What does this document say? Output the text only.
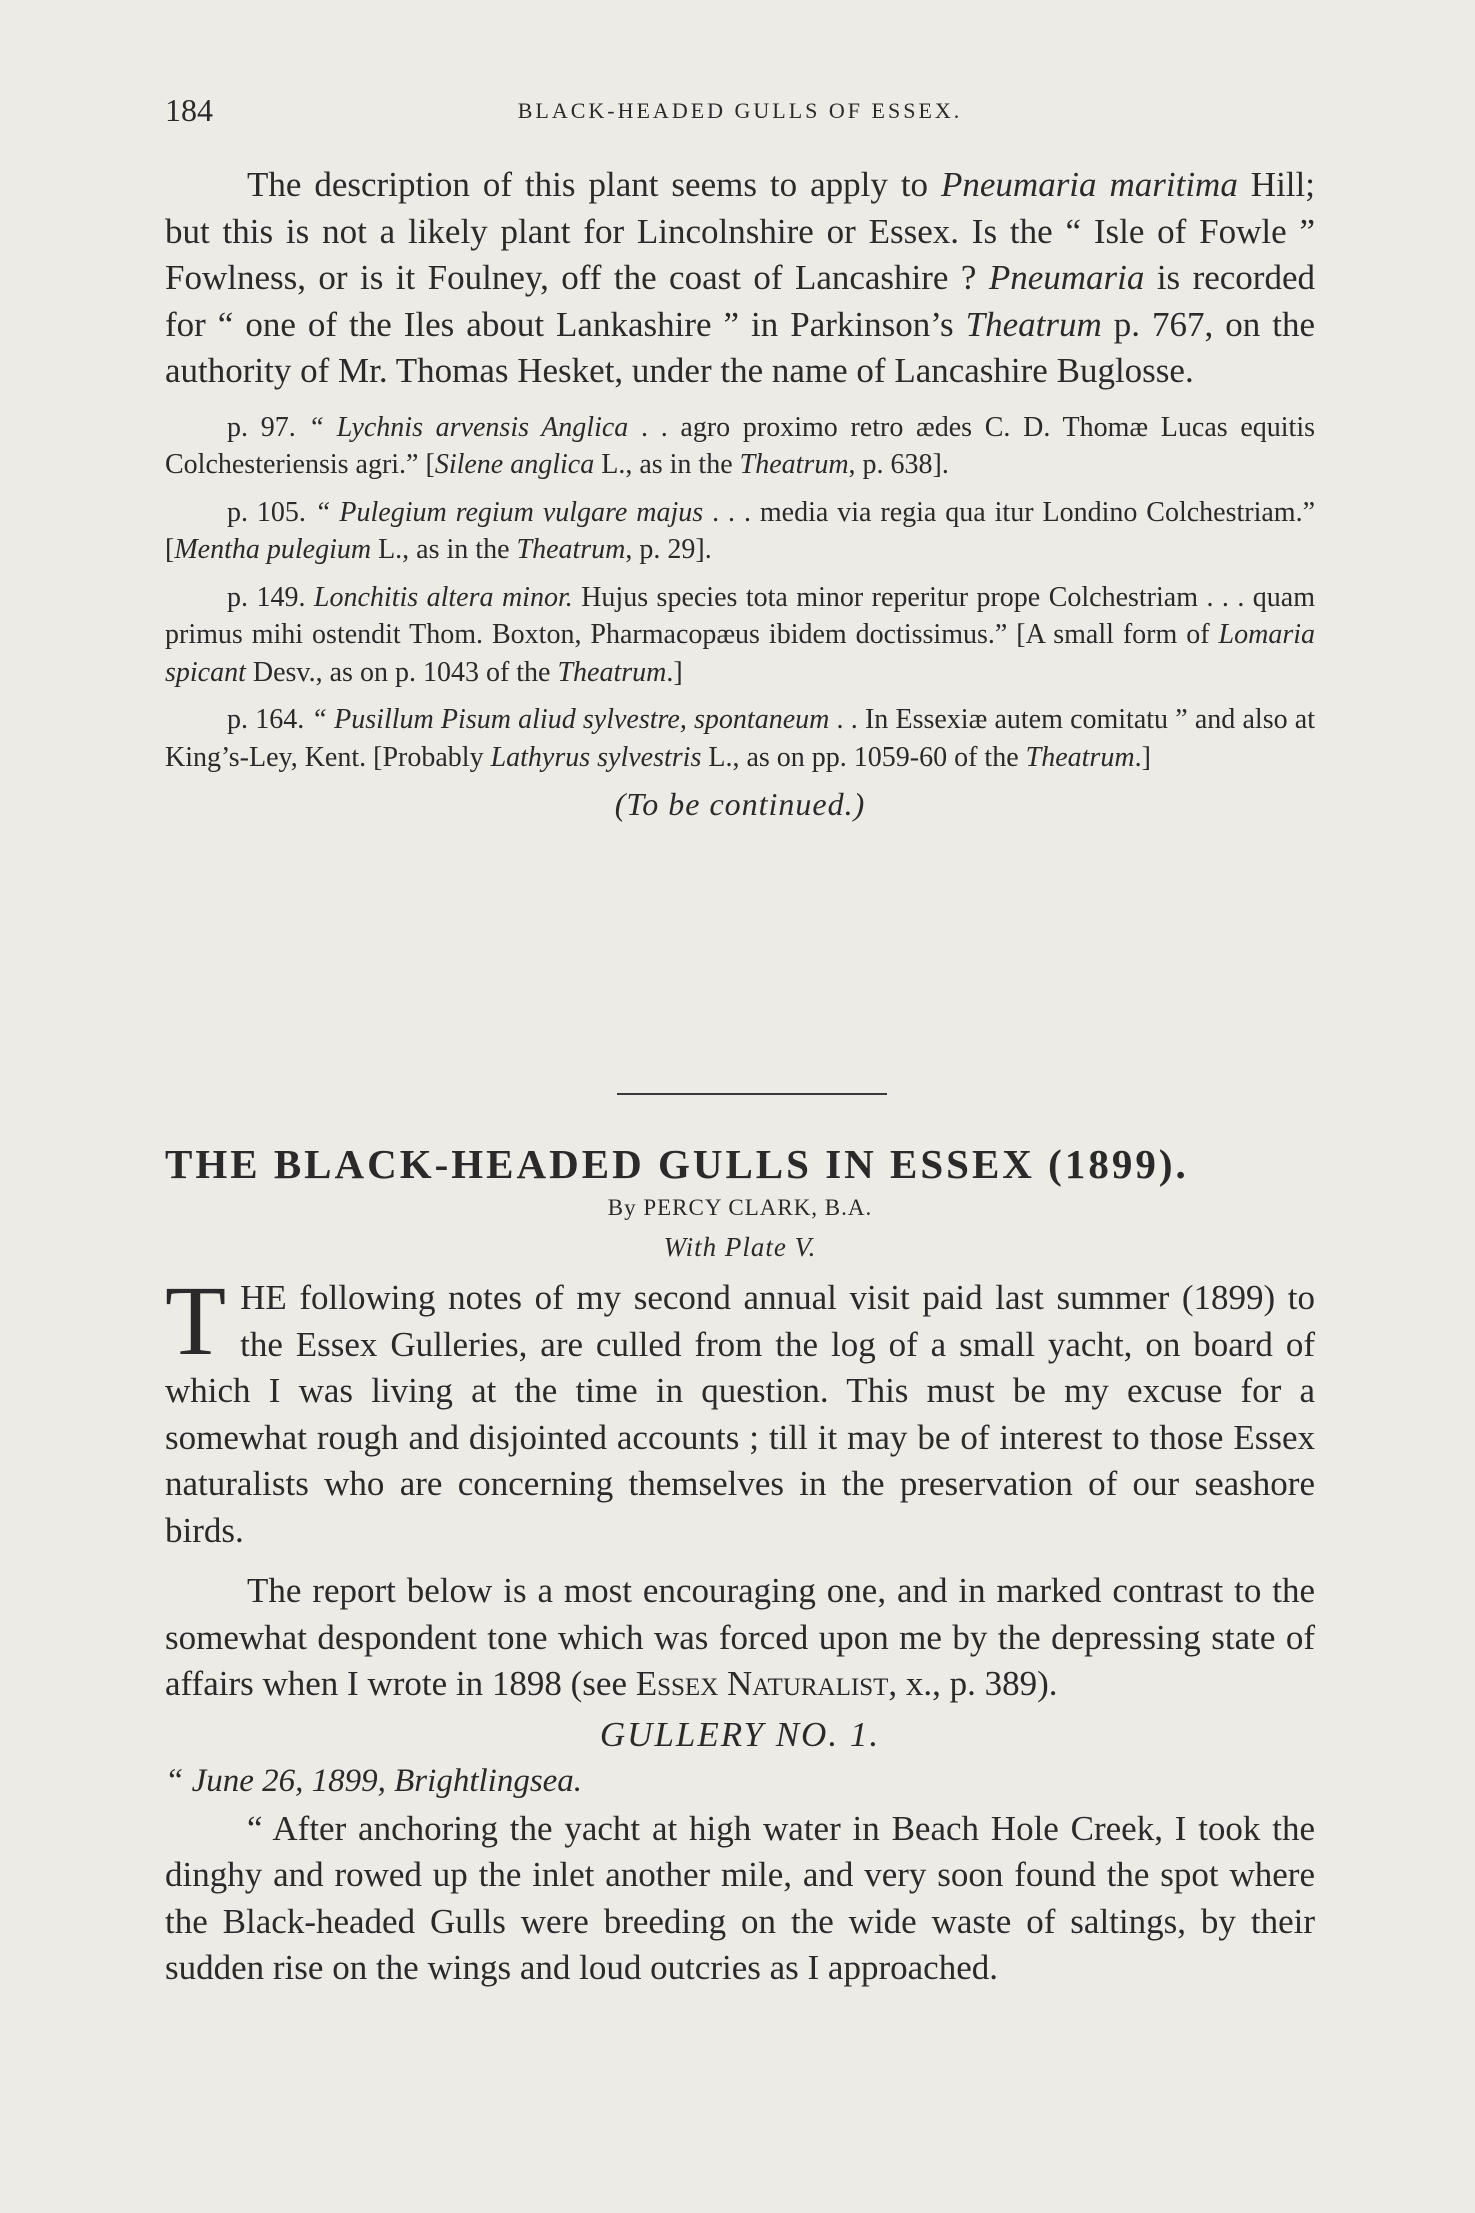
184	BLACK-HEADED GULLS OF ESSEX.

The description of this plant seems to apply to Pneumaria maritima Hill; but this is not a likely plant for Lincolnshire or Essex. Is the “ Isle of Fowle ” Fowlness, or is it Foulney, off the coast of Lancashire ? Pneumaria is recorded for “ one of the Iles about Lankashire ” in Parkinson’s Theatrum p. 767, on the authority of Mr. Thomas Hesket, under the name of Lancashire Buglosse.

p. 97. “ Lychnis arvensis Anglica . . agro proximo retro ædes C. D. Thomæ Lucas equitis Colchesteriensis agri.” [Silene anglica L., as in the Theatrum, p. 638].

p. 105. “ Pulegium regium vulgare majus . . . media via regia qua itur Londino Colchestriam.” [Mentha pulegium L., as in the Theatrum, p. 29].

p. 149. Lonchitis altera minor. Hujus species tota minor reperitur prope Colchestriam . . . quam primus mihi ostendit Thom. Boxton, Pharmacopæus ibidem doctissimus.” [A small form of Lomaria spicant Desv., as on p. 1043 of the Theatrum.]

p. 164. “ Pusillum Pisum aliud sylvestre, spontaneum . . In Essexiæ autem comitatu ” and also at King’s-Ley, Kent. [Probably Lathyrus sylvestris L., as on pp. 1059-60 of the Theatrum.]

(To be continued.)

THE BLACK-HEADED GULLS IN ESSEX (1899).
By PERCY CLARK, B.A.
With Plate V.

THE following notes of my second annual visit paid last summer (1899) to the Essex Gulleries, are culled from the log of a small yacht, on board of which I was living at the time in question. This must be my excuse for a somewhat rough and disjointed accounts ; till it may be of interest to those Essex naturalists who are concerning themselves in the preservation of our seashore birds.

The report below is a most encouraging one, and in marked contrast to the somewhat despondent tone which was forced upon me by the depressing state of affairs when I wrote in 1898 (see Essex Naturalist, x., p. 389).

GULLERY NO. 1.

“ June 26, 1899, Brightlingsea.

“ After anchoring the yacht at high water in Beach Hole Creek, I took the dinghy and rowed up the inlet another mile, and very soon found the spot where the Black-headed Gulls were breeding on the wide waste of saltings, by their sudden rise on the wings and loud outcries as I approached.
